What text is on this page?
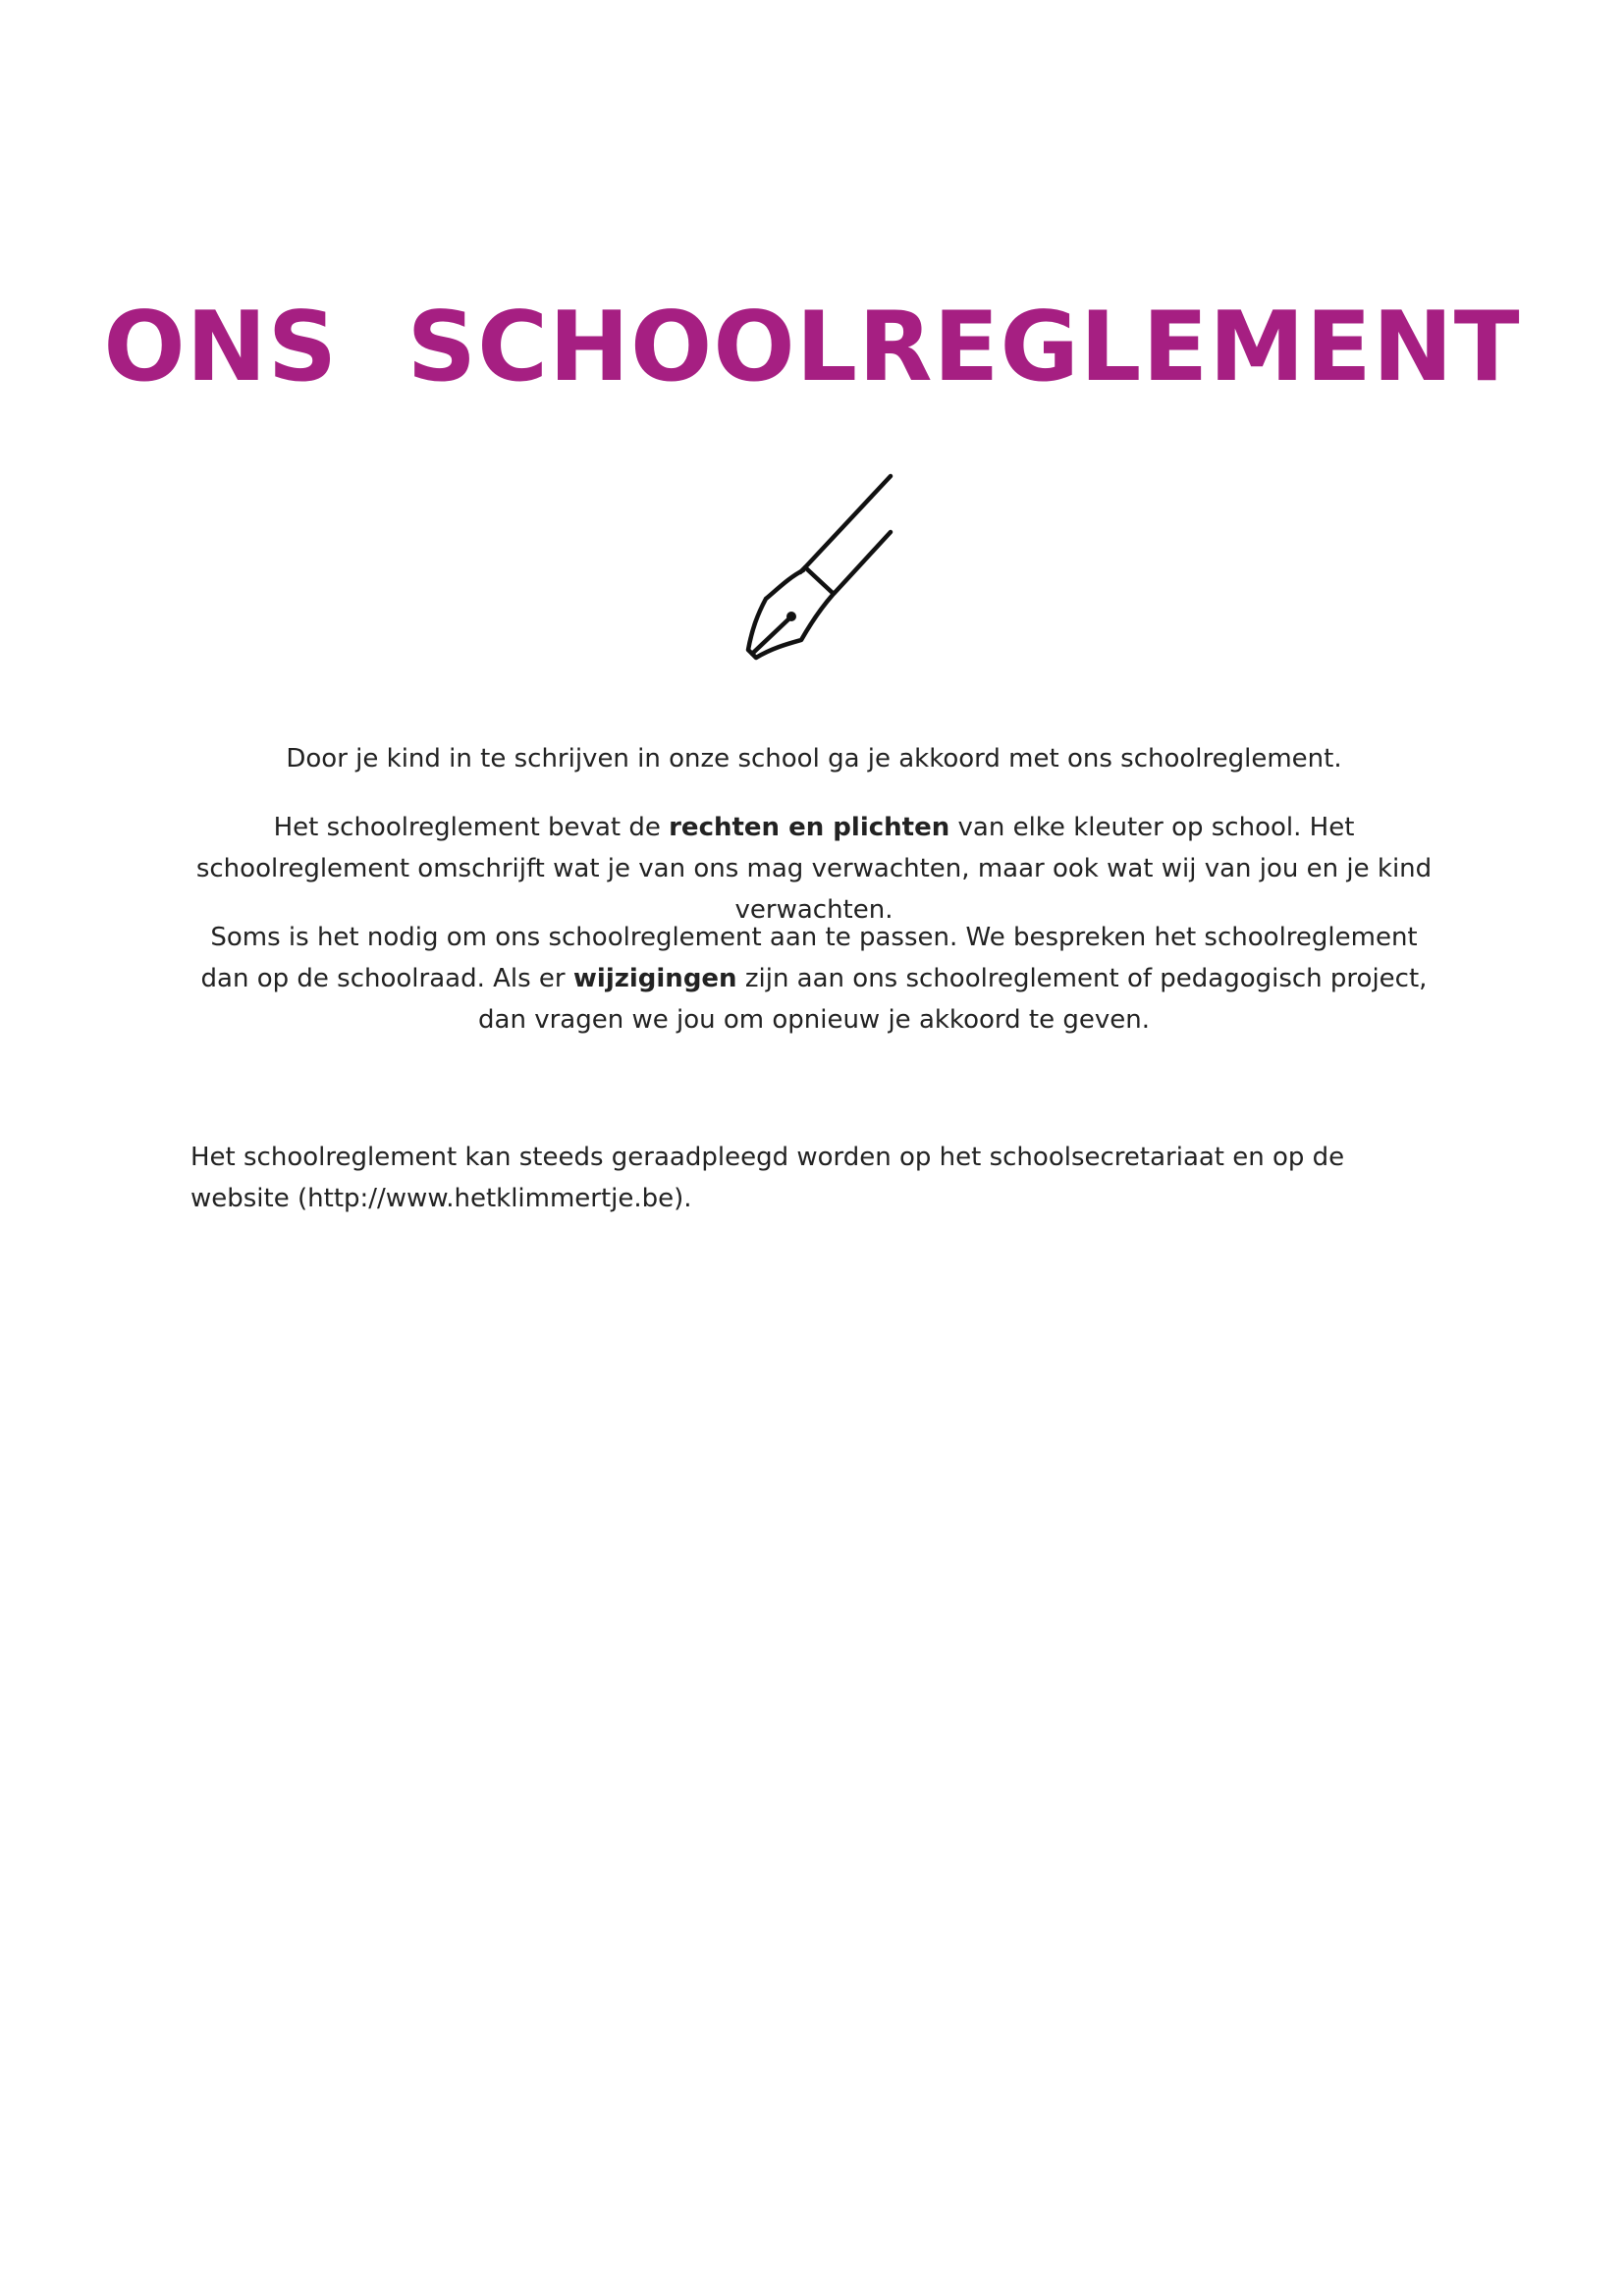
ONS  SCHOOLREGLEMENT

Door je kind in te schrijven in onze school ga je akkoord met ons schoolreglement.

Het schoolreglement bevat de rechten en plichten van elke kleuter op school. Het schoolreglement omschrijft wat je van ons mag verwachten, maar ook wat wij van jou en je kind verwachten.

Soms is het nodig om ons schoolreglement aan te passen. We bespreken het schoolreglement dan op de schoolraad. Als er wijzigingen zijn aan ons schoolreglement of pedagogisch project, dan vragen we jou om opnieuw je akkoord te geven.

Het schoolreglement kan steeds geraadpleegd worden op het schoolsecretariaat en op de website (http://www.hetklimmertje.be).
